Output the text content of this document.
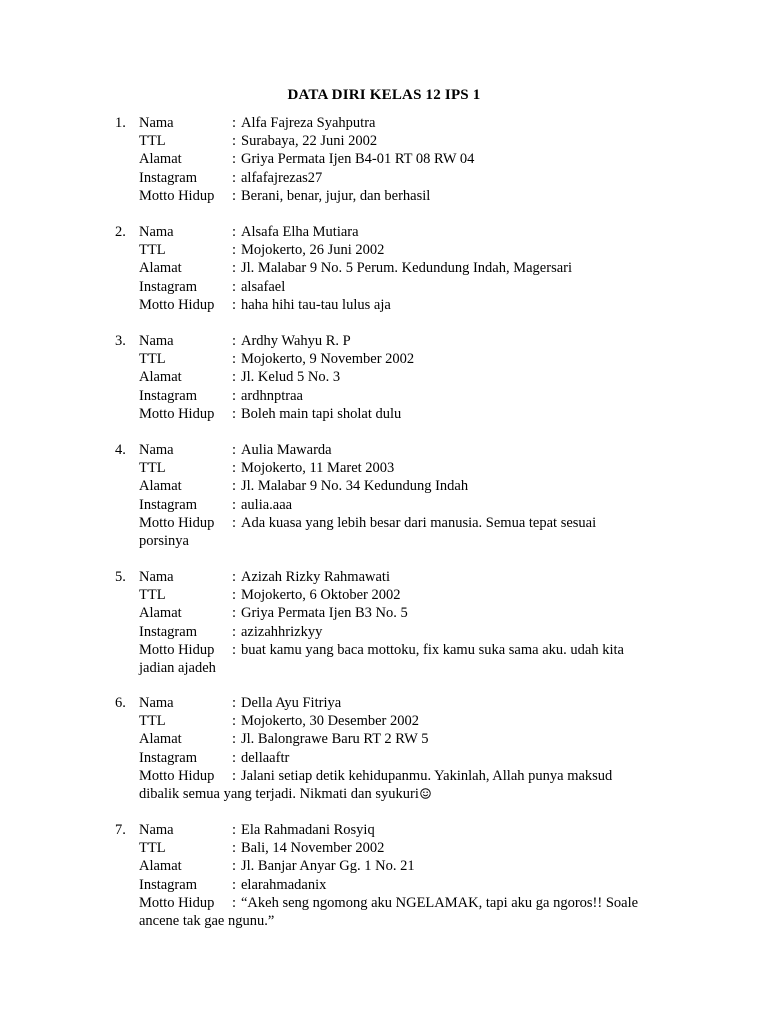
DATA DIRI KELAS 12 IPS 1
1. Nama	: Alfa Fajreza Syahputra
TTL	: Surabaya, 22 Juni 2002
Alamat	: Griya Permata Ijen B4-01 RT 08 RW 04
Instagram : alfafajrezas27
Motto Hidup : Berani, benar, jujur, dan berhasil
2. Nama	: Alsafa Elha Mutiara
TTL	: Mojokerto, 26 Juni 2002
Alamat	: Jl. Malabar 9 No. 5 Perum. Kedundung Indah, Magersari
Instagram : alsafael
Motto Hidup : haha hihi tau-tau lulus aja
3. Nama	: Ardhy Wahyu R. P
TTL	: Mojokerto, 9 November 2002
Alamat	: Jl. Kelud 5 No. 3
Instagram : ardhnptraa
Motto Hidup : Boleh main tapi sholat dulu
4. Nama	: Aulia Mawarda
TTL	: Mojokerto, 11 Maret 2003
Alamat	: Jl. Malabar 9 No. 34 Kedundung Indah
Instagram : aulia.aaa
Motto Hidup : Ada kuasa yang lebih besar dari manusia. Semua tepat sesuai
porsinya
5. Nama	: Azizah Rizky Rahmawati
TTL	: Mojokerto, 6 Oktober 2002
Alamat	: Griya Permata Ijen B3 No. 5
Instagram : azizahhrizkyy
Motto Hidup : buat kamu yang baca mottoku, fix kamu suka sama aku. udah kita
jadian ajadeh
6. Nama	: Della Ayu Fitriya
TTL	: Mojokerto, 30 Desember 2002
Alamat	: Jl. Balongrawe Baru RT 2 RW 5
Instagram : dellaaftr
Motto Hidup : Jalani setiap detik kehidupanmu. Yakinlah, Allah punya maksud
dibalik semua yang terjadi. Nikmati dan syukuri
7. Nama	: Ela Rahmadani Rosyiq
TTL	: Bali, 14 November 2002
Alamat	: Jl. Banjar Anyar Gg. 1 No. 21
Instagram : elarahmadanix
Motto Hidup : “Akeh seng ngomong aku NGELAMAK, tapi aku ga ngoros!! Soale
ancene tak gae ngunu.”
